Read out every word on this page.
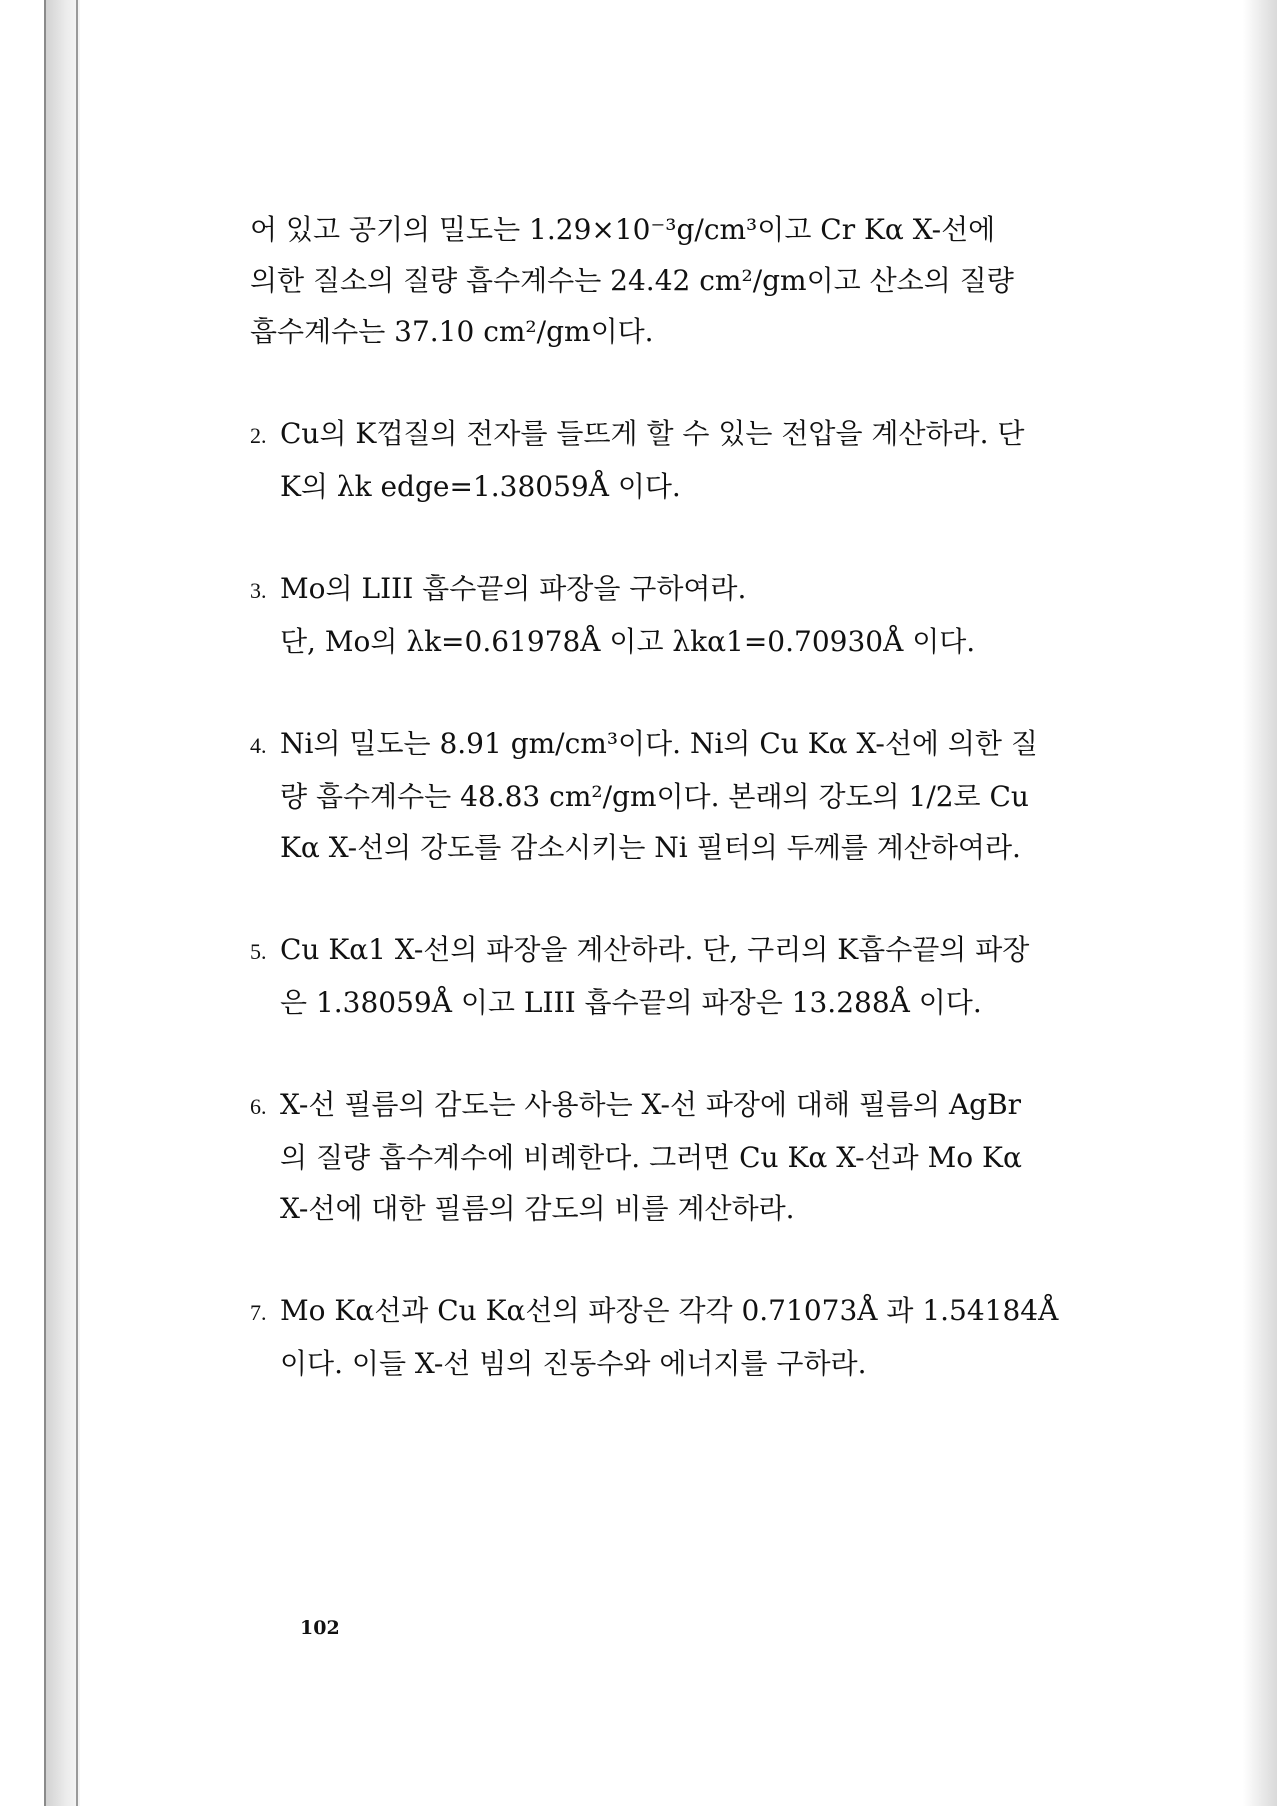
어 있고 공기의 밀도는 1.29×10⁻³g/cm³이고 Cr Kα X-선에
의한 질소의 질량 흡수계수는 24.42 cm²/gm이고 산소의 질량
흡수계수는 37.10 cm²/gm이다.
2. Cu의 K껍질의 전자를 들뜨게 할 수 있는 전압을 계산하라. 단
K의 λk edge=1.38059Å 이다.
3. Mo의 LIII 흡수끝의 파장을 구하여라.
단, Mo의 λk=0.61978Å 이고 λkα1=0.70930Å 이다.
4. Ni의 밀도는 8.91 gm/cm³이다. Ni의 Cu Kα X-선에 의한 질
량 흡수계수는 48.83 cm²/gm이다. 본래의 강도의 1/2로 Cu
Kα X-선의 강도를 감소시키는 Ni 필터의 두께를 계산하여라.
5. Cu Kα1 X-선의 파장을 계산하라. 단, 구리의 K흡수끝의 파장
은 1.38059Å 이고 LIII 흡수끝의 파장은 13.288Å 이다.
6. X-선 필름의 감도는 사용하는 X-선 파장에 대해 필름의 AgBr
의 질량 흡수계수에 비례한다. 그러면 Cu Kα X-선과 Mo Kα
X-선에 대한 필름의 감도의 비를 계산하라.
7. Mo Kα선과 Cu Kα선의 파장은 각각 0.71073Å 과 1.54184Å
이다. 이들 X-선 빔의 진동수와 에너지를 구하라.
102
